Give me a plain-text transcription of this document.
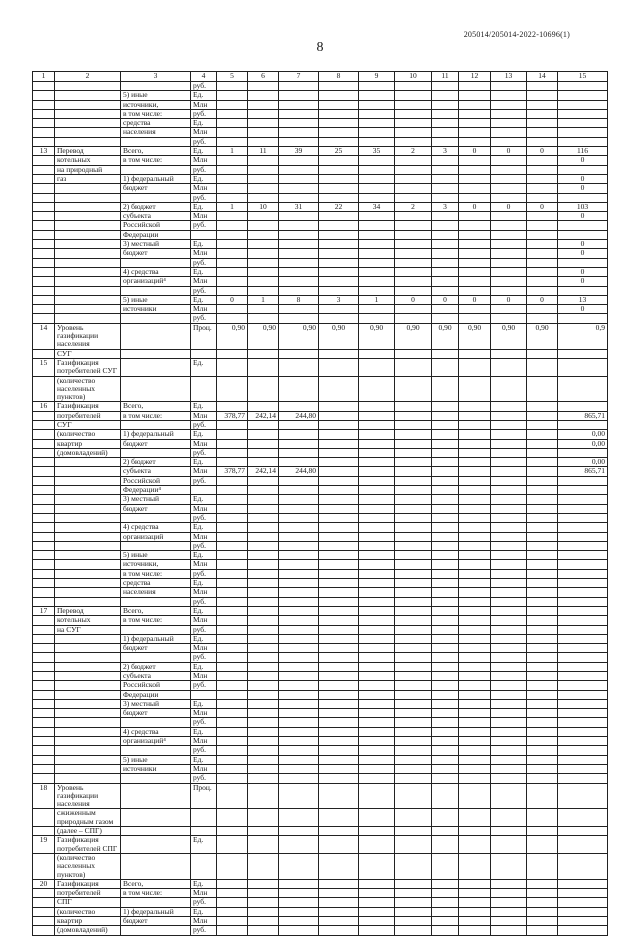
205014/205014-2022-10696(1)
8
1	2	3	4	5	6	7	8	9	10	11	12	13	14	15
			руб.											
		5) иные	Ед.											
		источники,	Млн											
		в том числе:	руб.											
		средства	Ед.											
		населения	Млн											
			руб.											
13	Перевод	Всего,	Ед.	1	11	39	25	35	2	3	0	0	0	116
	котельных	в том числе:	Млн											0
	на природный		руб.											
	газ	1) федеральный	Ед.											0
		бюджет	Млн											0
			руб.											
		2) бюджет	Ед.	1	10	31	22	34	2	3	0	0	0	103
		субъекта	Млн											0
		Российской	руб.											
		Федерации												
		3) местный	Ед.											0
		бюджет	Млн											0
			руб.											
		4) средства	Ед.											0
		организаций⁴	Млн											0
			руб.											
		5) иные	Ед.	0	1	8	3	1	0	0	0	0	0	13
		источники	Млн											0
			руб.											
14	Уровень газификации населения		Проц.	0,90	0,90	0,90	0,90	0,90	0,90	0,90	0,90	0,90	0,90	0,9
	СУГ													
15	Газификация потребителей СУГ		Ед.											
	(количество населенных пунктов)													
16	Газификация	Всего,	Ед.											
	потребителей	в том числе:	Млн	378,77	242,14	244,80								865,71
	СУГ		руб.											
	(количество	1) федеральный	Ед.											0,00
	квартир	бюджет	Млн											0,00
	(домовладений)		руб.											
		2) бюджет	Ед.											0,00
		субъекта	Млн	378,77	242,14	244,80								865,71
		Российской	руб.											
		Федерации⁴												
		3) местный	Ед.											
		бюджет	Млн											
			руб.											
		4) средства	Ед.											
		организаций	Млн											
			руб.											
		5) иные	Ед.											
		источники,	Млн											
		в том числе:	руб.											
		средства	Ед.											
		населения	Млн											
			руб.											
17	Перевод	Всего,	Ед.											
	котельных	в том числе:	Млн											
	на СУГ		руб.											
		1) федеральный	Ед.											
		бюджет	Млн											
			руб.											
		2) бюджет	Ед.											
		субъекта	Млн											
		Российской	руб.											
		Федерации												
		3) местный	Ед.											
		бюджет	Млн											
			руб.											
		4) средства	Ед.											
		организаций⁴	Млн											
			руб.											
		5) иные	Ед.											
		источники	Млн											
			руб.											
18	Уровень газификации населения		Проц.											
	сжиженным природным газом													
	(далее – СПГ)													
19	Газификация потребителей СПГ		Ед.											
	(количество населенных пунктов)													
20	Газификация	Всего,	Ед.											
	потребителей	в том числе:	Млн											
	СПГ		руб.											
	(количество	1) федеральный	Ед.											
	квартир	бюджет	Млн											
	(домовладений)		руб.											
